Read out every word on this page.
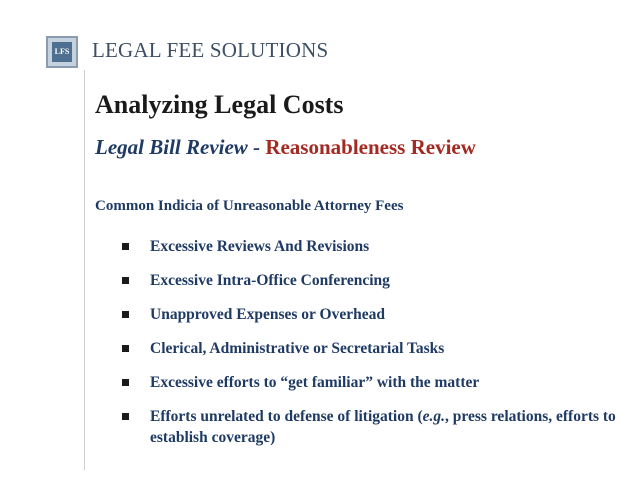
LFS LEGAL FEE SOLUTIONS
Analyzing Legal Costs
Legal Bill Review - Reasonableness Review
Common Indicia of Unreasonable Attorney Fees
Excessive Reviews And Revisions
Excessive Intra-Office Conferencing
Unapproved Expenses or Overhead
Clerical, Administrative or Secretarial Tasks
Excessive efforts to “get familiar” with the matter
Efforts unrelated to defense of litigation (e.g., press relations, efforts to establish coverage)
